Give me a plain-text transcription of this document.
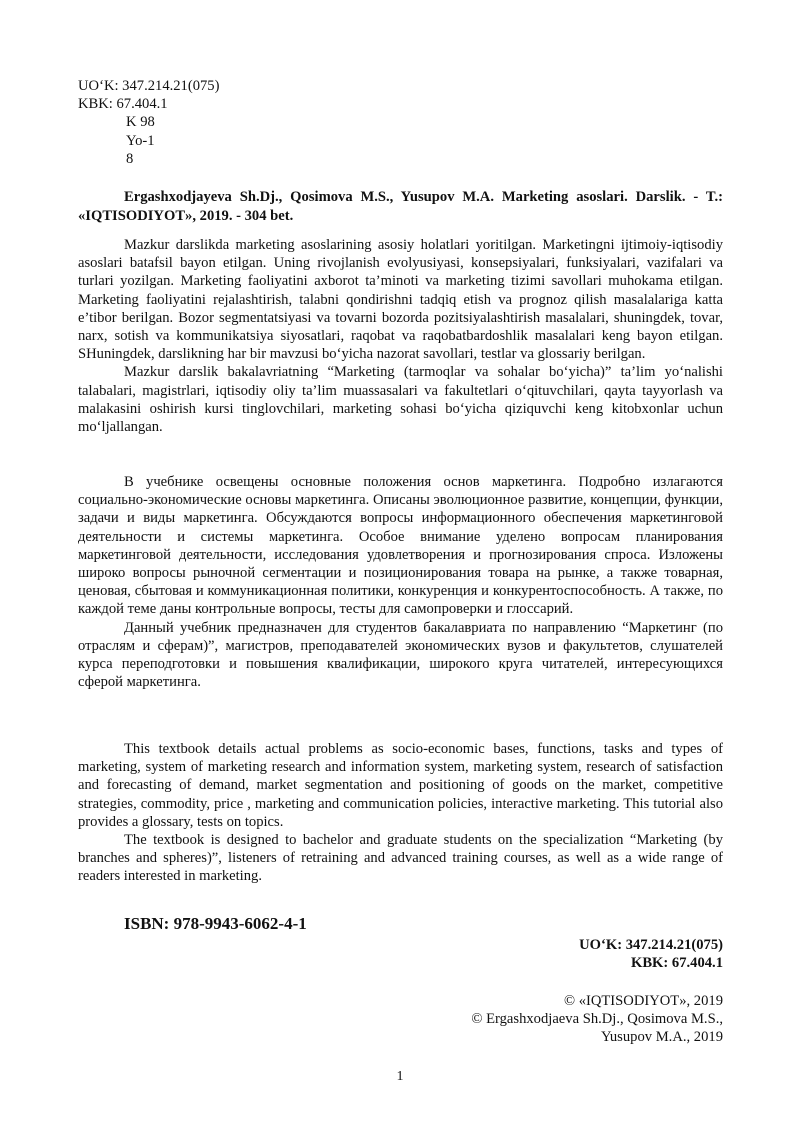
UO‘K: 347.214.21(075)
KBK: 67.404.1
K 98
Yo-1
8
Ergashxodjayeva Sh.Dj., Qosimova M.S., Yusupov M.A. Marketing asoslari. Darslik. - T.: «IQTISODIYOT», 2019. - 304 bet.

Mazkur darslikda marketing asoslarining asosiy holatlari yoritilgan. Marketingni ijtimoiy-iqtisodiy asoslari batafsil bayon etilgan. Uning rivojlanish evolyusiyasi, konsepsiyalari, funksiyalari, vazifalari va turlari yozilgan. Marketing faoliyatini axborot ta’minoti va marketing tizimi savollari muhokama etilgan. Marketing faoliyatini rejalashtirish, talabni qondirishni tadqiq etish va prognoz qilish masalalariga katta e’tibor berilgan. Bozor segmentatsiyasi va tovarni bozorda pozitsiyalashtirish masalalari, shuningdek, tovar, narx, sotish va kommunikatsiya siyosatlari, raqobat va raqobatbardoshlik masalalari keng bayon etilgan. SHuningdek, darslikning har bir mavzusi bo‘yicha nazorat savollari, testlar va glossariy berilgan.

Mazkur darslik bakalavriatning “Marketing (tarmoqlar va sohalar bo‘yicha)” ta’lim yo‘nalishi talabalari, magistrlari, iqtisodiy oliy ta’lim muassasalari va fakultetlari o‘qituvchilari, qayta tayyorlash va malakasini oshirish kursi tinglovchilari, marketing sohasi bo‘yicha qiziquvchi keng kitobxonlar uchun mo‘ljallangan.

В учебнике освещены основные положения основ маркетинга. Подробно излагаются социально-экономические основы маркетинга. Описаны эволюционное развитие, концепции, функции, задачи и виды маркетинга. Обсуждаются вопросы информационного обеспечения маркетинговой деятельности и системы маркетинга. Особое внимание уделено вопросам планирования маркетинговой деятельности, исследования удовлетворения и прогнозирования спроса. Изложены широко вопросы рыночной сегментации и позиционирования товара на рынке, а также товарная, ценовая, сбытовая и коммуникационная политики, конкуренция и конкурентоспособность. А также, по каждой теме даны контрольные вопросы, тесты для самопроверки и глоссарий.

Данный учебник предназначен для студентов бакалавриата по направлению “Маркетинг (по отраслям и сферам)”, магистров, преподавателей экономических вузов и факультетов, слушателей курса переподготовки и повышения квалификации, широкого круга читателей, интересующихся сферой маркетинга.

This textbook details actual problems as socio-economic bases, functions, tasks and types of marketing, system of marketing research and information system, marketing system, research of satisfaction and forecasting of demand, market segmentation and positioning of goods on the market, competitive strategies, commodity, price , marketing and communication policies, interactive marketing. This tutorial also provides a glossary, tests on topics.

The textbook is designed to bachelor and graduate students on the specialization “Marketing (by branches and spheres)”, listeners of retraining and advanced training courses, as well as a wide range of readers interested in marketing.

ISBN: 978-9943-6062-4-1
UO‘K: 347.214.21(075)
KBK: 67.404.1
© «IQTISODIYOT», 2019
© Ergashxodjaeva Sh.Dj., Qosimova M.S.,
Yusupov M.A., 2019
1
